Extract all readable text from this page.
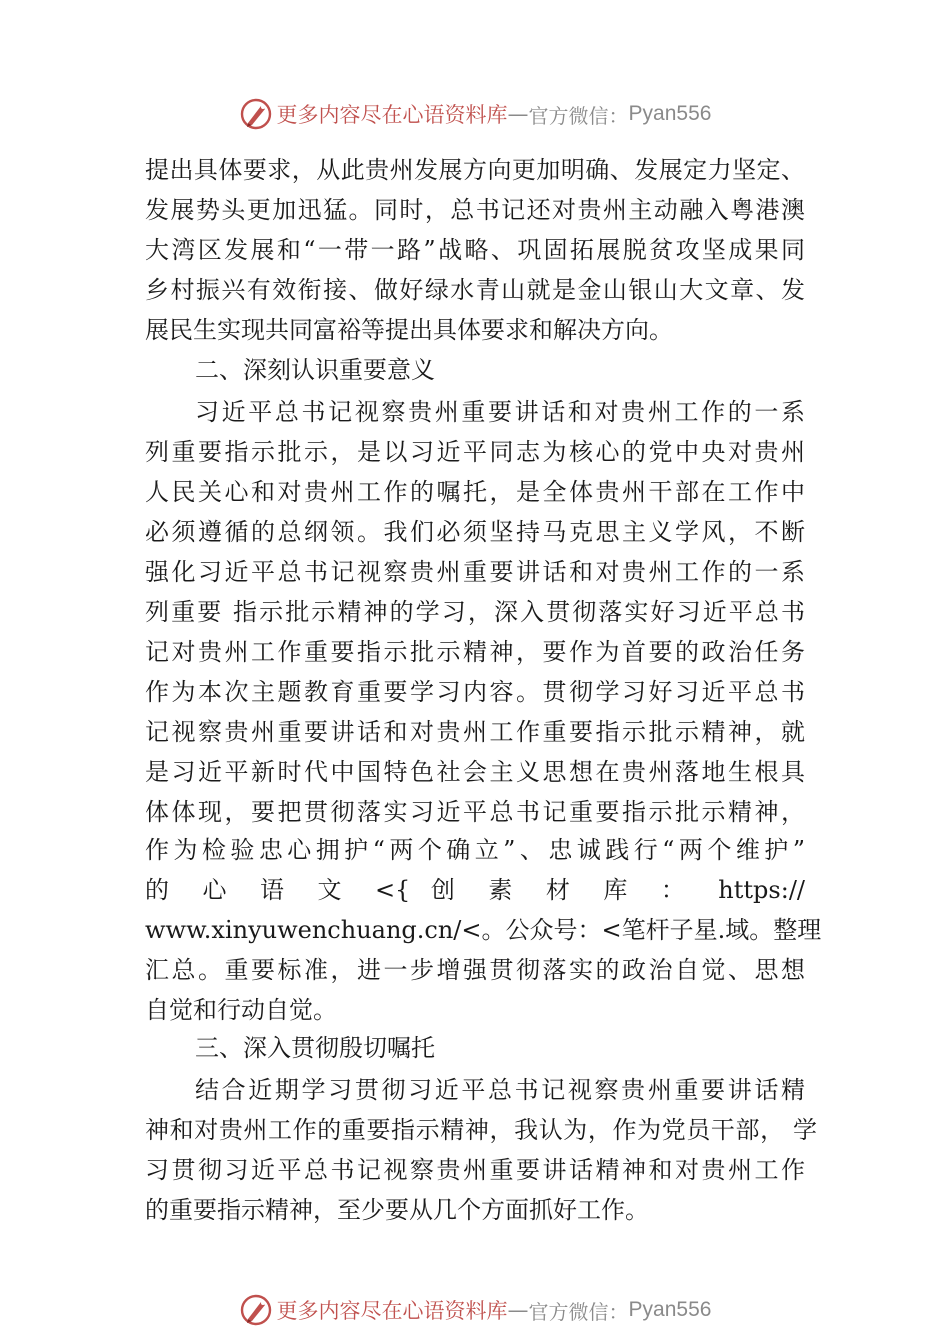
更多内容尽在心语资料库 — 官方微信： Pyan556
提出具体要求，从此贵州发展方向更加明确、发展定力坚定、
发展势头更加迅猛。同时，总书记还对贵州主动融入粤港澳
大湾区发展和“一带一路”战略、巩固拓展脱贫攻坚成果同
乡村振兴有效衔接、做好绿水青山就是金山银山大文章、发
展民生实现共同富裕等提出具体要求和解决方向。
二、深刻认识重要意义
习近平总书记视察贵州重要讲话和对贵州工作的一系
列重要指示批示，是以习近平同志为核心的党中央对贵州
人民关心和对贵州工作的嘱托，是全体贵州干部在工作中
必须遵循的总纲领。我们必须坚持马克思主义学风，不断
强化习近平总书记视察贵州重要讲话和对贵州工作的一系
列重要 指示批示精神的学习，深入贯彻落实好习近平总书
记对贵州工作重要指示批示精神，要作为首要的政治任务
作为本次主题教育重要学习内容。贯彻学习好习近平总书
记视察贵州重要讲话和对贵州工作重要指示批示精神，就
是习近平新时代中国特色社会主义思想在贵州落地生根具
体体现，要把贯彻落实习近平总书记重要指示批示精神，
作为检验忠心拥护“两个确立”、忠诚践行“两个维护”
的 心 语 文 <{ 创 素 材 库 ： https://
www.xinyuwenchuang.cn/<。公众号：<笔杆子星.域。整理
汇总。重要标准，进一步增强贯彻落实的政治自觉、思想
自觉和行动自觉。
三、深入贯彻殷切嘱托
结合近期学习贯彻习近平总书记视察贵州重要讲话精
神和对贵州工作的重要指示精神，我认为，作为党员干部， 学
习贯彻习近平总书记视察贵州重要讲话精神和对贵州工作
的重要指示精神，至少要从几个方面抓好工作。
更多内容尽在心语资料库 — 官方微信： Pyan556
